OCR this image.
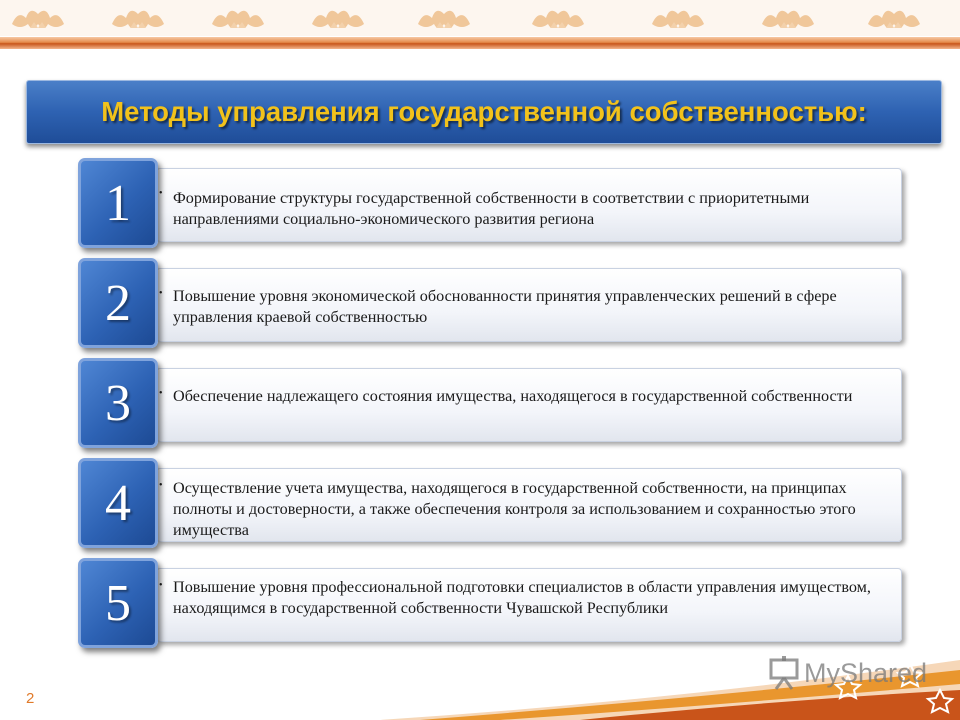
Методы управления государственной собственностью:
• Формирование структуры государственной собственности в соответствии с приоритетными направлениями социально-экономического развития региона
1
• Повышение уровня экономической обоснованности принятия управленческих решений в сфере управления краевой собственностью
2
• Обеспечение надлежащего состояния имущества, находящегося в государственной собственности
3
• Осуществление учета имущества, находящегося в государственной собственности, на принципах полноты и достоверности, а также обеспечения контроля за использованием и сохранностью этого имущества
4
• Повышение уровня профессиональной подготовки специалистов в области управления имуществом, находящимся в государственной собственности Чувашской Республики
5
MyShared
2
